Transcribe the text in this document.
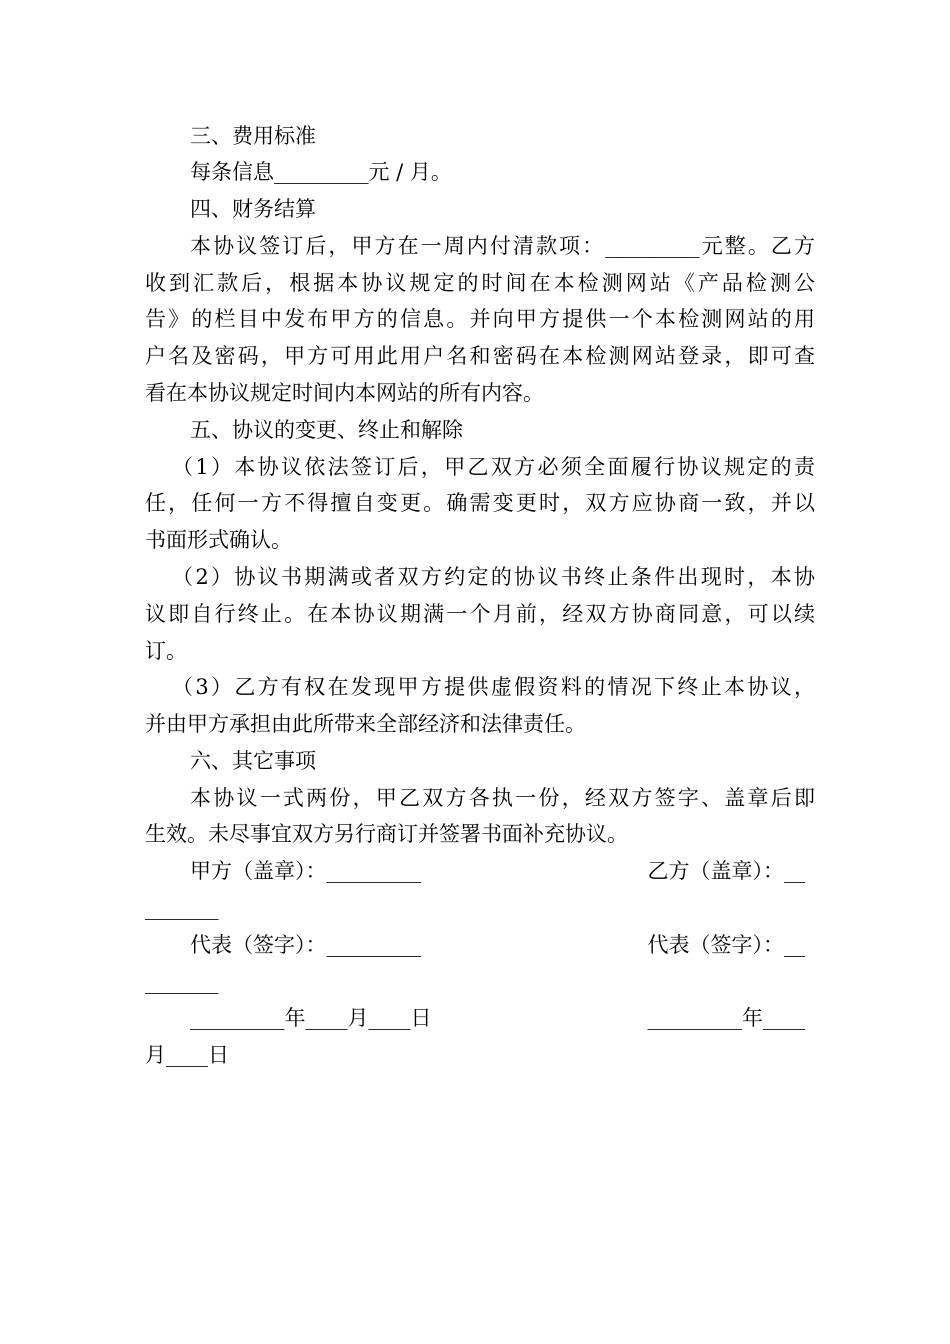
三、费用标准
每条信息_________元 / 月。
四、财务结算
本协议签订后，甲方在一周内付清款项：_________元整。乙方
收到汇款后，根据本协议规定的时间在本检测网站《产品检测公
告》的栏目中发布甲方的信息。并向甲方提供一个本检测网站的用
户名及密码，甲方可用此用户名和密码在本检测网站登录，即可查
看在本协议规定时间内本网站的所有内容。
五、协议的变更、终止和解除
（1）本协议依法签订后，甲乙双方必须全面履行协议规定的责
任，任何一方不得擅自变更。确需变更时，双方应协商一致，并以
书面形式确认。
（2）协议书期满或者双方约定的协议书终止条件出现时，本协
议即自行终止。在本协议期满一个月前，经双方协商同意，可以续
订。
（3）乙方有权在发现甲方提供虚假资料的情况下终止本协议，
并由甲方承担由此所带来全部经济和法律责任。
六、其它事项
本协议一式两份，甲乙双方各执一份，经双方签字、盖章后即
生效。未尽事宜双方另行商订并签署书面补充协议。
甲方（盖章）：_________	乙方（盖章）：__
_______
代表（签字）：_________	代表（签字）：__
_______
_________年____月____日	_________年____
月____日
